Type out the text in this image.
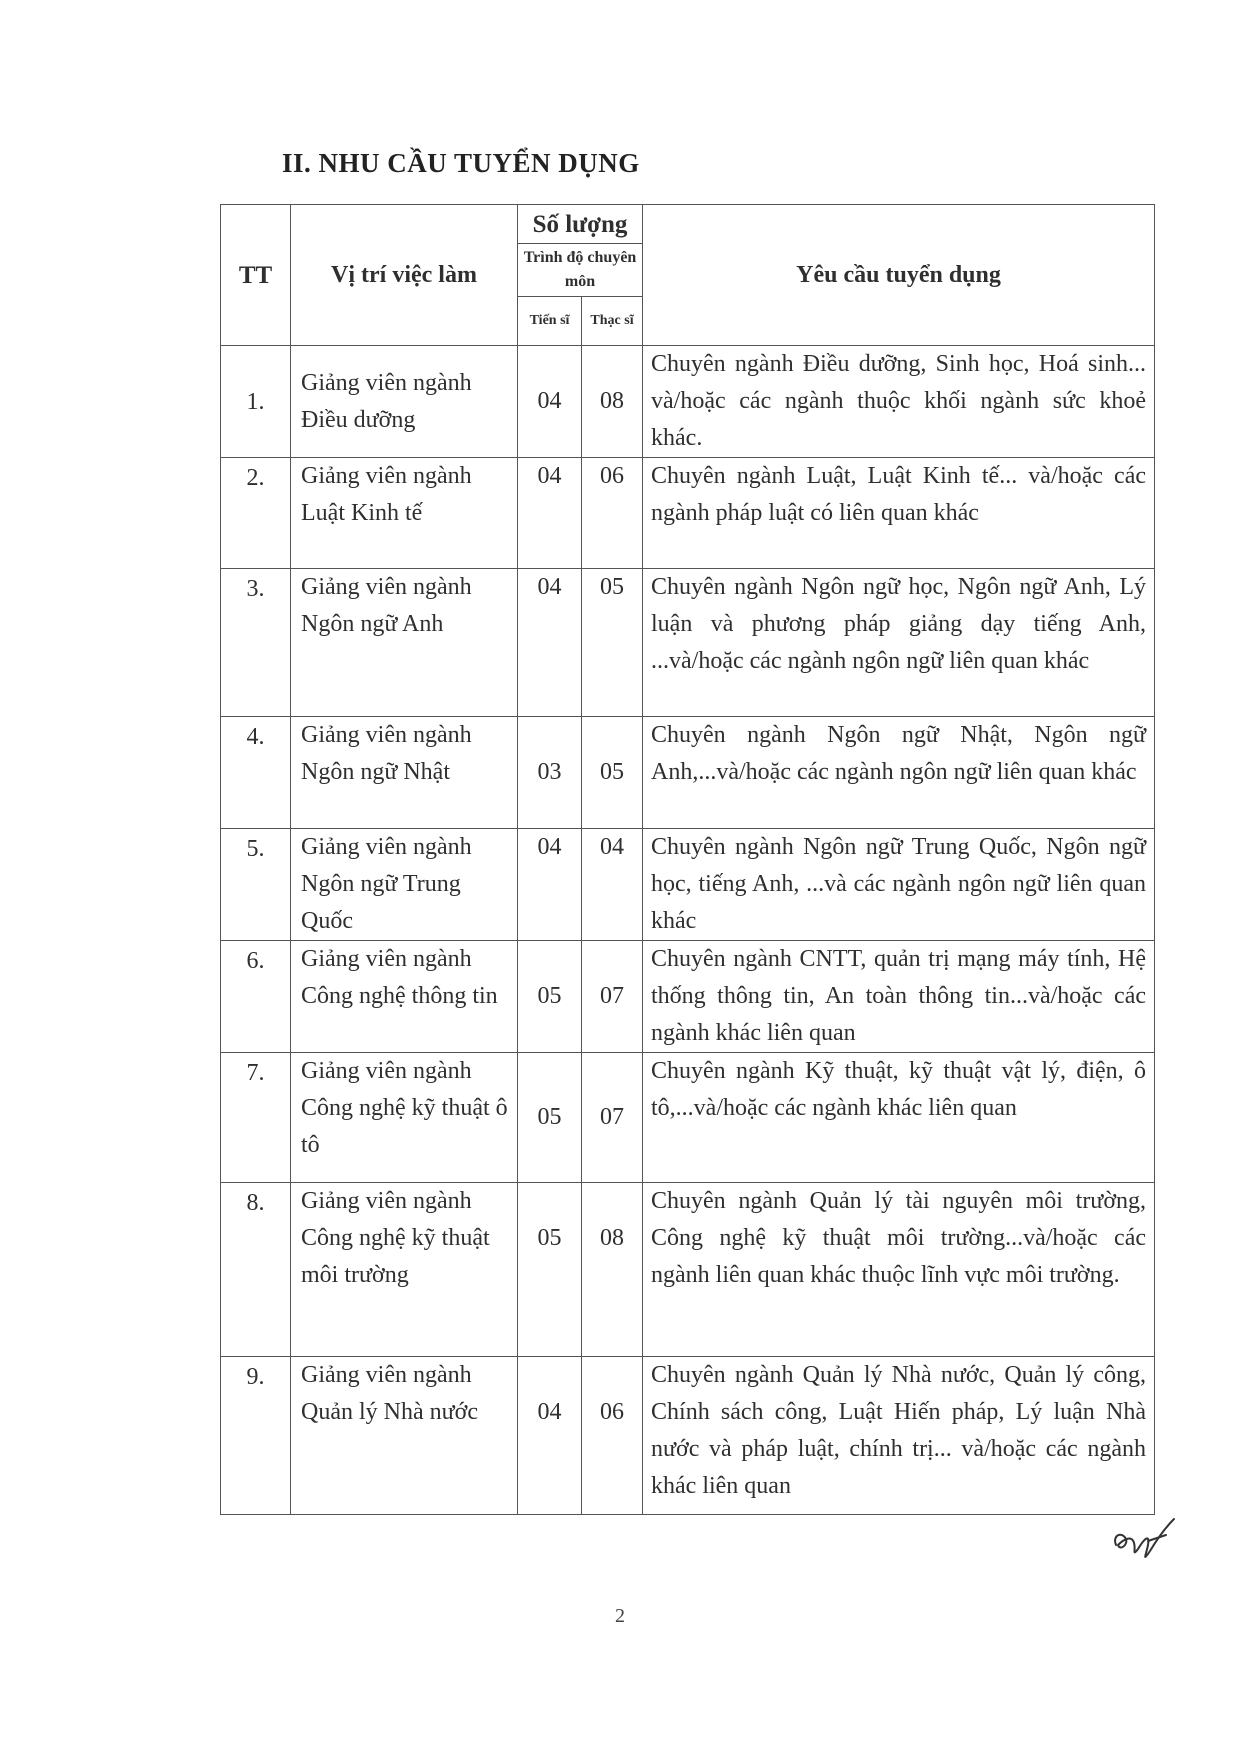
II. NHU CẦU TUYỂN DỤNG
TT	Vị trí việc làm	Số lượng		Yêu cầu tuyển dụng
		Trình độ chuyên môn		
		Tiến sĩ	Thạc sĩ	
1.	Giảng viên ngành Điều dưỡng	04	08	Chuyên ngành Điều dưỡng, Sinh học, Hoá sinh... và/hoặc các ngành thuộc khối ngành sức khoẻ khác.
2.	Giảng viên ngành Luật Kinh tế	04	06	Chuyên ngành Luật, Luật Kinh tế... và/hoặc các ngành pháp luật có liên quan khác
3.	Giảng viên ngành Ngôn ngữ Anh	04	05	Chuyên ngành Ngôn ngữ học, Ngôn ngữ Anh, Lý luận và phương pháp giảng dạy tiếng Anh, ...và/hoặc các ngành ngôn ngữ liên quan khác
4.	Giảng viên ngành Ngôn ngữ Nhật	03	05	Chuyên ngành Ngôn ngữ Nhật, Ngôn ngữ Anh,...và/hoặc các ngành ngôn ngữ liên quan khác
5.	Giảng viên ngành Ngôn ngữ Trung Quốc	04	04	Chuyên ngành Ngôn ngữ Trung Quốc, Ngôn ngữ học, tiếng Anh, ...và các ngành ngôn ngữ liên quan khác
6.	Giảng viên ngành Công nghệ thông tin	05	07	Chuyên ngành CNTT, quản trị mạng máy tính, Hệ thống thông tin, An toàn thông tin...và/hoặc các ngành khác liên quan
7.	Giảng viên ngành Công nghệ kỹ thuật ô tô	05	07	Chuyên ngành Kỹ thuật, kỹ thuật vật lý, điện, ô tô,...và/hoặc các ngành khác liên quan
8.	Giảng viên ngành Công nghệ kỹ thuật môi trường	05	08	Chuyên ngành Quản lý tài nguyên môi trường, Công nghệ kỹ thuật môi trường...và/hoặc các ngành liên quan khác thuộc lĩnh vực môi trường.
9.	Giảng viên ngành Quản lý Nhà nước	04	06	Chuyên ngành Quản lý Nhà nước, Quản lý công, Chính sách công, Luật Hiến pháp, Lý luận Nhà nước và pháp luật, chính trị... và/hoặc các ngành khác liên quan
2
